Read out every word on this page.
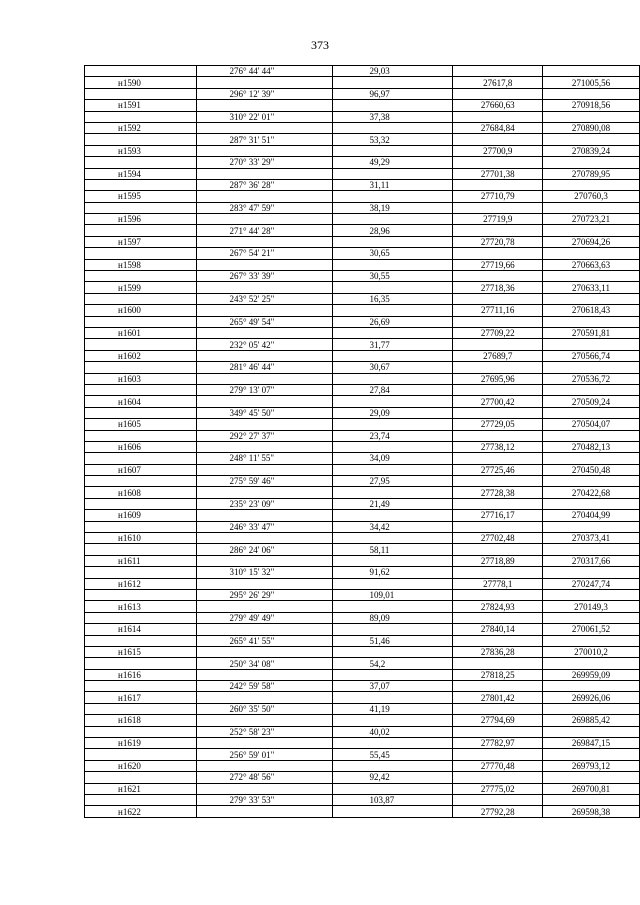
373
	276° 44' 44"	29,03		
н1590			27617,8	271005,56
	296° 12' 39"	96,97		
н1591			27660,63	270918,56
	310° 22' 01"	37,38		
н1592			27684,84	270890,08
	287° 31' 51"	53,32		
н1593			27700,9	270839,24
	270° 33' 29"	49,29		
н1594			27701,38	270789,95
	287° 36' 28"	31,11		
н1595			27710,79	270760,3
	283° 47' 59"	38,19		
н1596			27719,9	270723,21
	271° 44' 28"	28,96		
н1597			27720,78	270694,26
	267° 54' 21"	30,65		
н1598			27719,66	270663,63
	267° 33' 39"	30,55		
н1599			27718,36	270633,11
	243° 52' 25"	16,35		
н1600			27711,16	270618,43
	265° 49' 54"	26,69		
н1601			27709,22	270591,81
	232° 05' 42"	31,77		
н1602			27689,7	270566,74
	281° 46' 44"	30,67		
н1603			27695,96	270536,72
	279° 13' 07"	27,84		
н1604			27700,42	270509,24
	349° 45' 50"	29,09		
н1605			27729,05	270504,07
	292° 27' 37"	23,74		
н1606			27738,12	270482,13
	248° 11' 55"	34,09		
н1607			27725,46	270450,48
	275° 59' 46"	27,95		
н1608			27728,38	270422,68
	235° 23' 09"	21,49		
н1609			27716,17	270404,99
	246° 33' 47"	34,42		
н1610			27702,48	270373,41
	286° 24' 06"	58,11		
н1611			27718,89	270317,66
	310° 15' 32"	91,62		
н1612			27778,1	270247,74
	295° 26' 29"	109,01		
н1613			27824,93	270149,3
	279° 49' 49"	89,09		
н1614			27840,14	270061,52
	265° 41' 55"	51,46		
н1615			27836,28	270010,2
	250° 34' 08"	54,2		
н1616			27818,25	269959,09
	242° 59' 58"	37,07		
н1617			27801,42	269926,06
	260° 35' 50"	41,19		
н1618			27794,69	269885,42
	252° 58' 23"	40,02		
н1619			27782,97	269847,15
	256° 59' 01"	55,45		
н1620			27770,48	269793,12
	272° 48' 56"	92,42		
н1621			27775,02	269700,81
	279° 33' 53"	103,87		
н1622			27792,28	269598,38
